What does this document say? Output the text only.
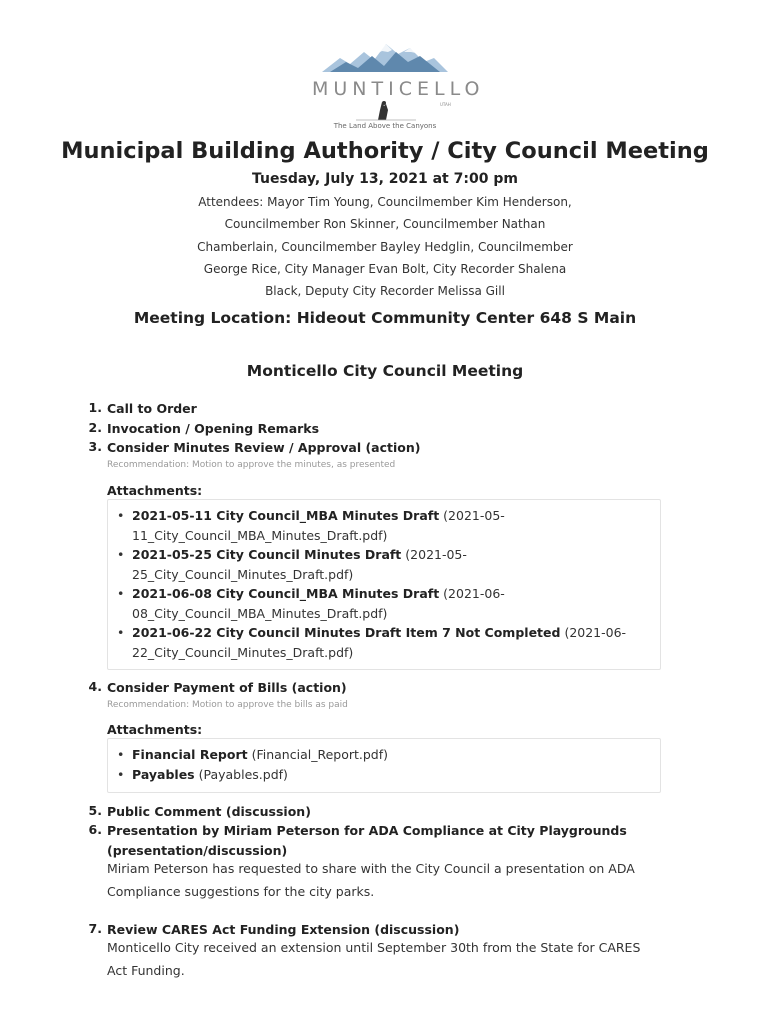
MUNTICELLO
UTAH
The Land Above the Canyons
Municipal Building Authority / City Council Meeting
Tuesday, July 13, 2021 at 7:00 pm
Attendees: Mayor Tim Young, Councilmember Kim Henderson,
Councilmember Ron Skinner, Councilmember Nathan
Chamberlain, Councilmember Bayley Hedglin, Councilmember
George Rice, City Manager Evan Bolt, City Recorder Shalena
Black, Deputy City Recorder Melissa Gill
Meeting Location: Hideout Community Center 648 S Main
Monticello City Council Meeting
1. Call to Order
2. Invocation / Opening Remarks
3. Consider Minutes Review / Approval (action)
Recommendation: Motion to approve the minutes, as presented
Attachments:
• 2021-05-11 City Council_MBA Minutes Draft (2021-05-11_City_Council_MBA_Minutes_Draft.pdf)
• 2021-05-25 City Council Minutes Draft (2021-05-25_City_Council_Minutes_Draft.pdf)
• 2021-06-08 City Council_MBA Minutes Draft (2021-06-08_City_Council_MBA_Minutes_Draft.pdf)
• 2021-06-22 City Council Minutes Draft Item 7 Not Completed (2021-06-22_City_Council_Minutes_Draft.pdf)
4. Consider Payment of Bills (action)
Recommendation: Motion to approve the bills as paid
Attachments:
• Financial Report (Financial_Report.pdf)
• Payables (Payables.pdf)
5. Public Comment (discussion)
6. Presentation by Miriam Peterson for ADA Compliance at City Playgrounds (presentation/discussion)
Miriam Peterson has requested to share with the City Council a presentation on ADA Compliance suggestions for the city parks.
7. Review CARES Act Funding Extension (discussion)
Monticello City received an extension until September 30th from the State for CARES Act Funding.
